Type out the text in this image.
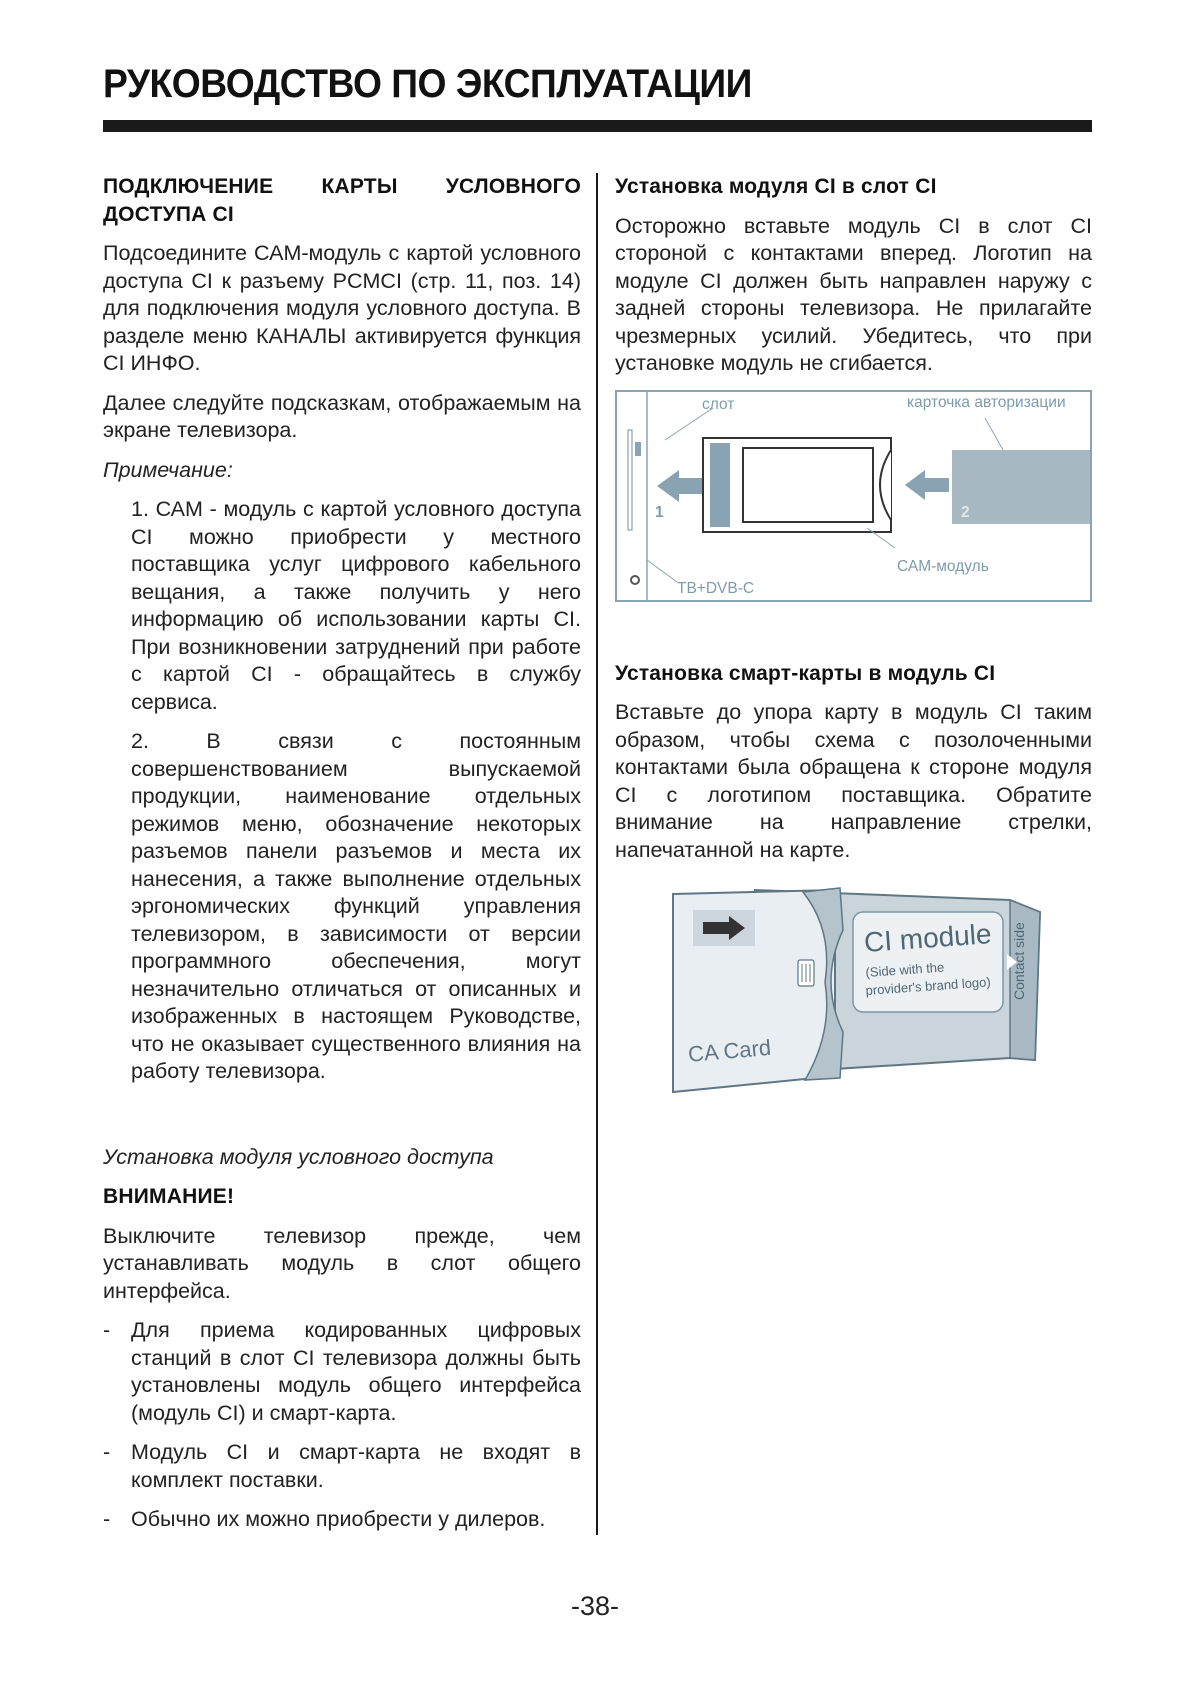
РУКОВОДСТВО ПО ЭКСПЛУАТАЦИИ

ПОДКЛЮЧЕНИЕ КАРТЫ УСЛОВНОГО ДОСТУПА CI

Подсоедините САМ-модуль с картой условного доступа CI к разъему PCMCI (стр. 11, поз. 14) для подключения модуля условного доступа. В разделе меню КАНАЛЫ активируется функция CI ИНФО.

Далее следуйте подсказкам, отображаемым на экране телевизора.

Примечание:

1. САМ - модуль с картой условного доступа CI можно приобрести у местного поставщика услуг цифрового кабельного вещания, а также получить у него информацию об использовании карты CI. При возникновении затруднений при работе с картой CI - обращайтесь в службу сервиса.

2. В связи с постоянным совершенствованием выпускаемой продукции, наименование отдельных режимов меню, обозначение некоторых разъемов панели разъемов и места их нанесения, а также выполнение отдельных эргономических функций управления телевизором, в зависимости от версии программного обеспечения, могут незначительно отличаться от описанных и изображенных в настоящем Руководстве, что не оказывает существенного влияния на работу телевизора.

Установка модуля условного доступа

ВНИМАНИЕ!

Выключите телевизор прежде, чем устанавливать модуль в слот общего интерфейса.

- Для приема кодированных цифровых станций в слот CI телевизора должны быть установлены модуль общего интерфейса (модуль CI) и смарт-карта.
- Модуль CI и смарт-карта не входят в комплект поставки.
- Обычно их можно приобрести у дилеров.

Установка модуля CI в слот CI

Осторожно вставьте модуль CI в слот CI стороной с контактами вперед. Логотип на модуле CI должен быть направлен наружу с задней стороны телевизора. Не прилагайте чрезмерных усилий. Убедитесь, что при установке модуль не сгибается.

слот	карточка авторизации
САМ-модуль
ТВ+DVB-C
1	2

Установка смарт-карты в модуль CI

Вставьте до упора карту в модуль CI таким образом, чтобы схема с позолоченными контактами была обращена к стороне модуля CI с логотипом поставщика. Обратите внимание на направление стрелки, напечатанной на карте.

CI module
(Side with the
provider's brand logo) Contact side
CA Card
-38-
